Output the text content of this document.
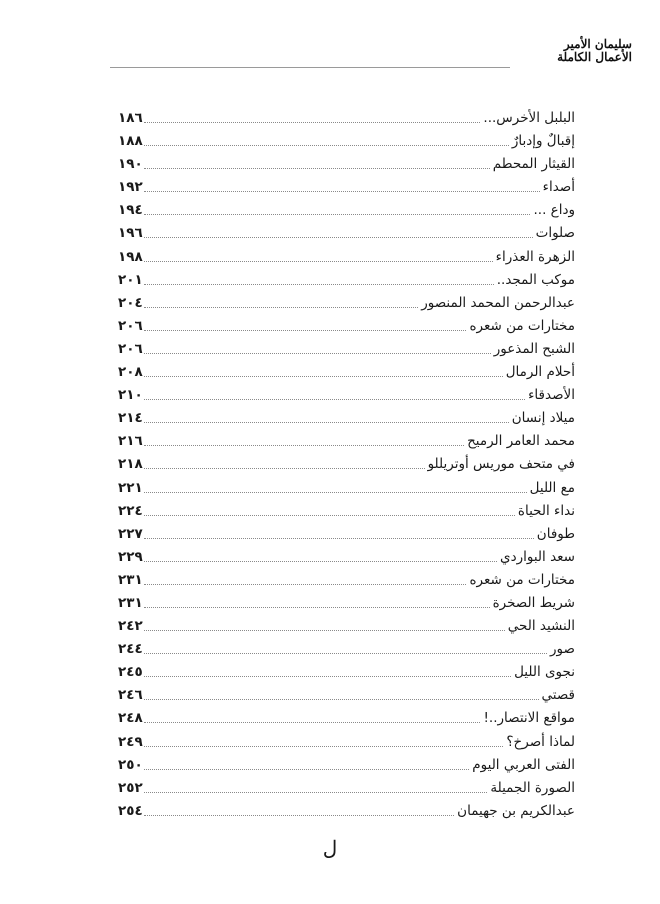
سليمان الأمير
الأعمال الكاملة
البلبل الأخرس...
١٨٦
إقبالٌ وإدبارٌ
١٨٨
القيثار المحطم
١٩٠
أصداء
١٩٢
وداع ...
١٩٤
صلوات
١٩٦
الزهرة العذراء
١٩٨
موكب المجد..
٢٠١
عبدالرحمن المحمد المنصور
٢٠٤
مختارات من شعره
٢٠٦
الشبح المذعور
٢٠٦
أحلام الرمال
٢٠٨
الأصدقاء
٢١٠
ميلاد إنسان
٢١٤
محمد العامر الرميح
٢١٦
في متحف موريس أوتريللو
٢١٨
مع الليل
٢٢١
نداء الحياة
٢٢٤
طوفان
٢٢٧
سعد البواردي
٢٢٩
مختارات من شعره
٢٣١
شريط الصخرة
٢٣١
النشيد الحي
٢٤٢
صور
٢٤٤
نجوى الليل
٢٤٥
قصتي
٢٤٦
مواقع الانتصار..!
٢٤٨
لماذا أصرخ؟
٢٤٩
الفتى العربي اليوم
٢٥٠
الصورة الجميلة
٢٥٢
عبدالكريم بن جهيمان
٢٥٤
ل
